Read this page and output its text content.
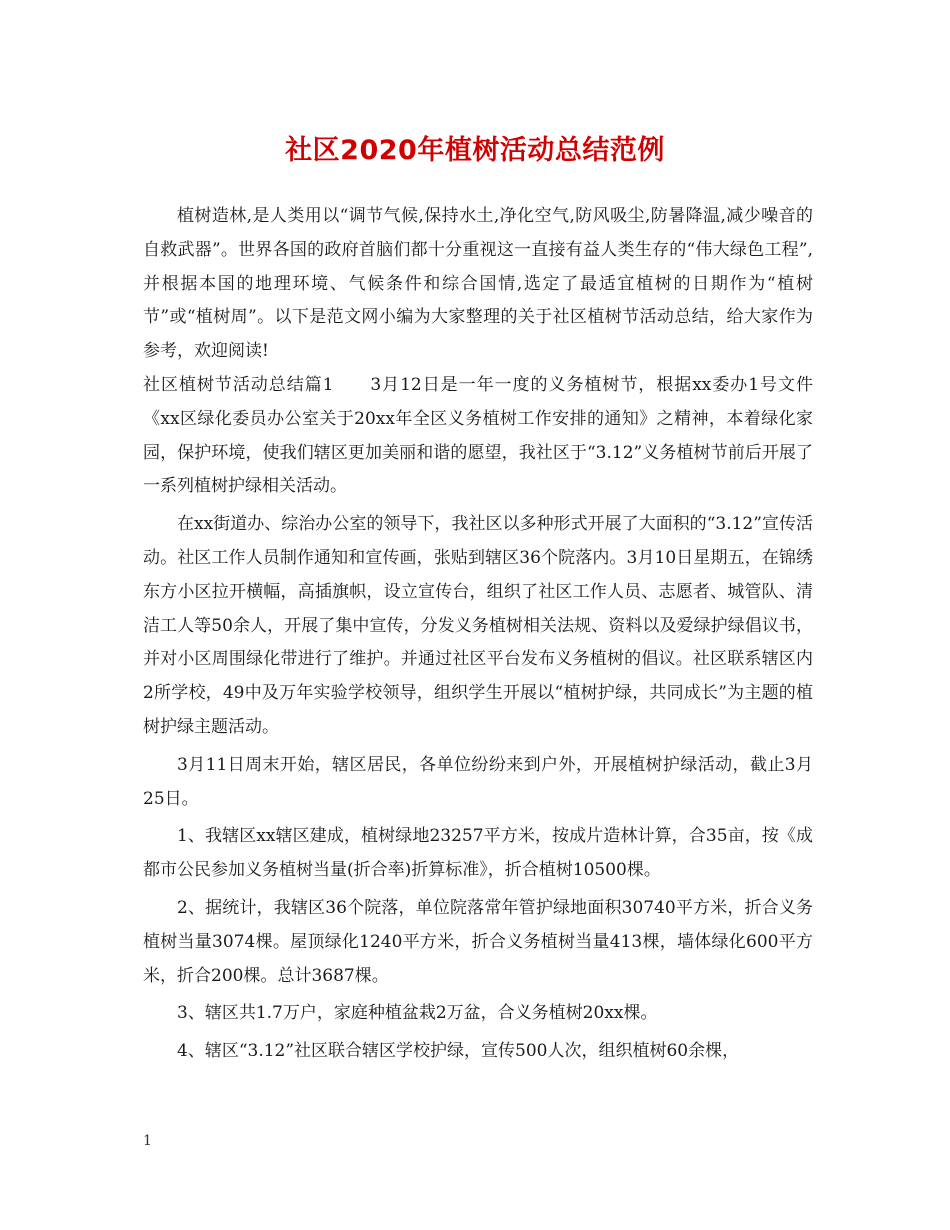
社区2020年植树活动总结范例

植树造林,是人类用以“调节气候,保持水土,净化空气,防风吸尘,防暑降温,减少噪音的自救武器”。世界各国的政府首脑们都十分重视这一直接有益人类生存的“伟大绿色工程”,并根据本国的地理环境、气候条件和综合国情,选定了最适宜植树的日期作为“植树节”或“植树周”。以下是范文网小编为大家整理的关于社区植树节活动总结，给大家作为参考，欢迎阅读!

社区植树节活动总结篇1　　3月12日是一年一度的义务植树节，根据xx委办1号文件《xx区绿化委员办公室关于20xx年全区义务植树工作安排的通知》之精神，本着绿化家园，保护环境，使我们辖区更加美丽和谐的愿望，我社区于“3.12”义务植树节前后开展了一系列植树护绿相关活动。

在xx街道办、综治办公室的领导下，我社区以多种形式开展了大面积的“3.12”宣传活动。社区工作人员制作通知和宣传画，张贴到辖区36个院落内。3月10日星期五，在锦绣东方小区拉开横幅，高插旗帜，设立宣传台，组织了社区工作人员、志愿者、城管队、清洁工人等50余人，开展了集中宣传，分发义务植树相关法规、资料以及爱绿护绿倡议书，并对小区周围绿化带进行了维护。并通过社区平台发布义务植树的倡议。社区联系辖区内2所学校，49中及万年实验学校领导，组织学生开展以“植树护绿，共同成长”为主题的植树护绿主题活动。

3月11日周末开始，辖区居民，各单位纷纷来到户外，开展植树护绿活动，截止3月25日。

1、我辖区xx辖区建成，植树绿地23257平方米，按成片造林计算，合35亩，按《成都市公民参加义务植树当量(折合率)折算标准》，折合植树10500棵。

2、据统计，我辖区36个院落，单位院落常年管护绿地面积30740平方米，折合义务植树当量3074棵。屋顶绿化1240平方米，折合义务植树当量413棵，墙体绿化600平方米，折合200棵。总计3687棵。

3、辖区共1.7万户，家庭种植盆栽2万盆，合义务植树20xx棵。

4、辖区“3.12”社区联合辖区学校护绿，宣传500人次，组织植树60余棵，

1
